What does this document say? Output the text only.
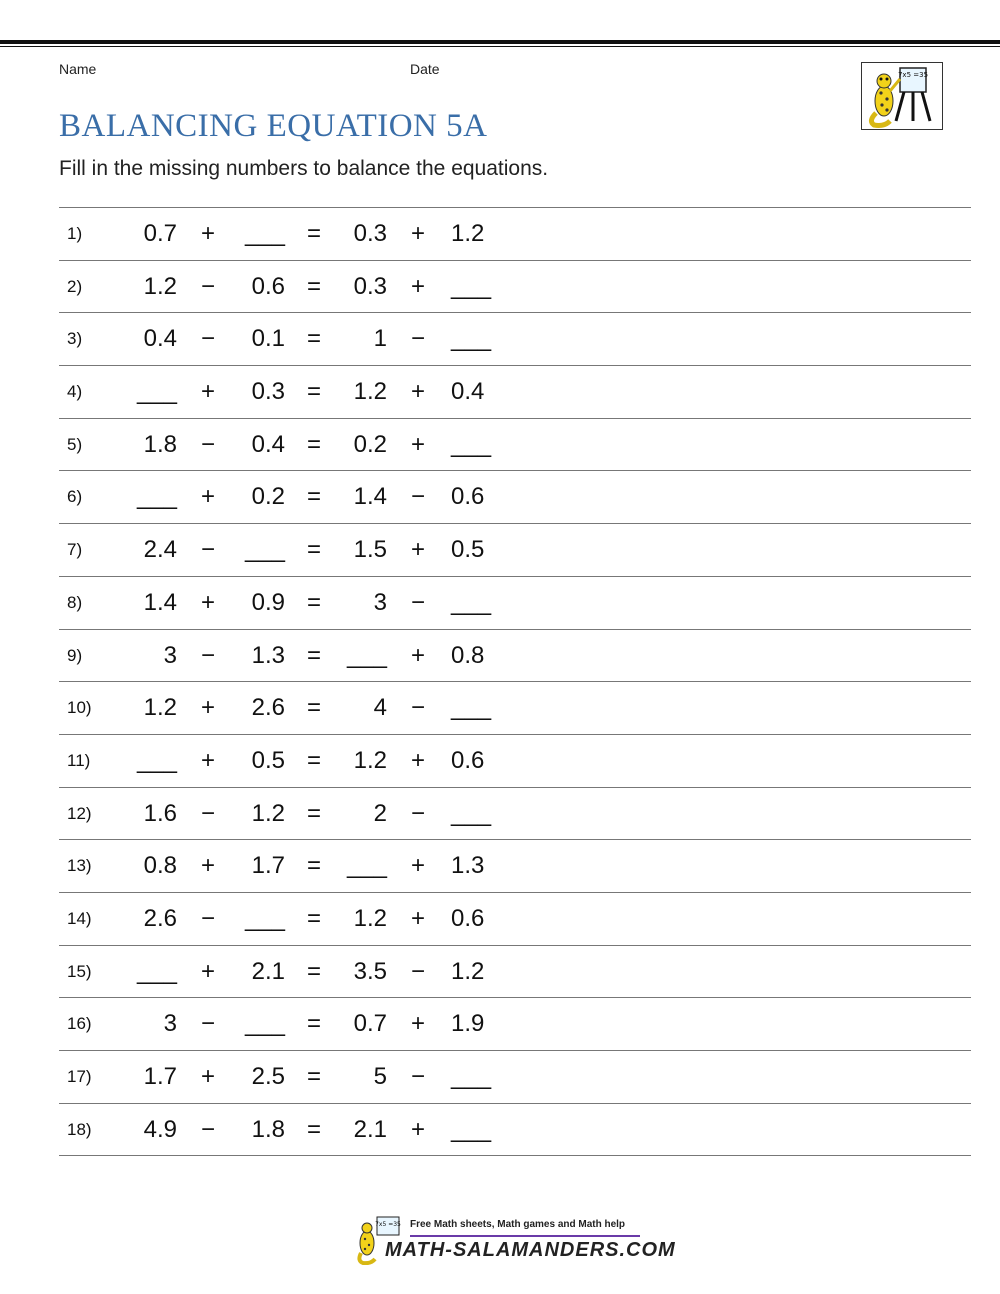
Name	Date	7x5 =35
BALANCING EQUATION 5A
Fill in the missing numbers to balance the equations.
1)	0.7 +	___ =	0.3 + 1.2
2)	1.2 −	0.6 =	0.3 + ___
3)	0.4 −	0.1 =	1 − ___
4)	___ +	0.3 =	1.2 + 0.4
5)	1.8 −	0.4 =	0.2 + ___
6)	___ +	0.2 =	1.4 − 0.6
7)	2.4 −	___ =	1.5 + 0.5
8)	1.4 +	0.9 =	3 − ___
9)	3 −	1.3 =	___ + 0.8
10)	1.2 +	2.6 =	4 − ___
11)	___ +	0.5 =	1.2 + 0.6
12)	1.6 −	1.2 =	2 − ___
13)	0.8 +	1.7 =	___ + 1.3
14)	2.6 −	___ =	1.2 + 0.6
15)	___ +	2.1 =	3.5 − 1.2
16)	3 −	___ =	0.7 + 1.9
17)	1.7 +	2.5 =	5 − ___
18)	4.9 −	1.8 =	2.1 + ___
7x5 =35 Free Math sheets, Math games and Math help
MATH-SALAMANDERS.COM
